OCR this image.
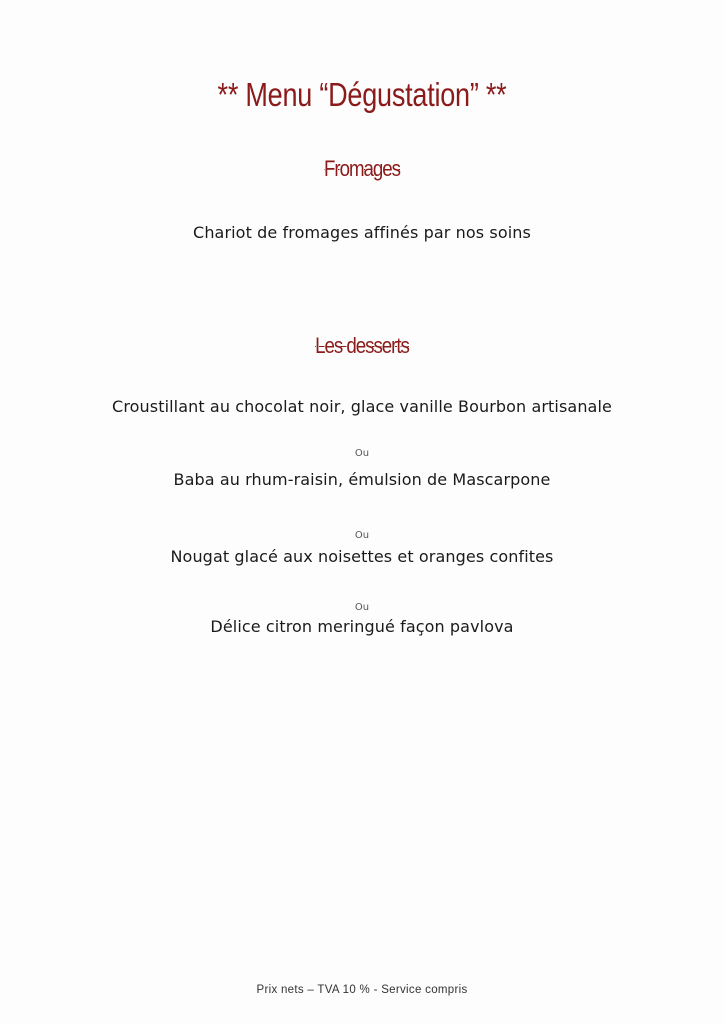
** Menu “Dégustation” **
Fromages
Chariot de fromages affinés par nos soins
Les desserts
Croustillant au chocolat noir, glace vanille Bourbon artisanale
Ou
Baba au rhum-raisin, émulsion de Mascarpone
Ou
Nougat glacé aux noisettes et oranges confites
Ou
Délice citron meringué façon pavlova
Prix nets – TVA 10 % - Service compris
